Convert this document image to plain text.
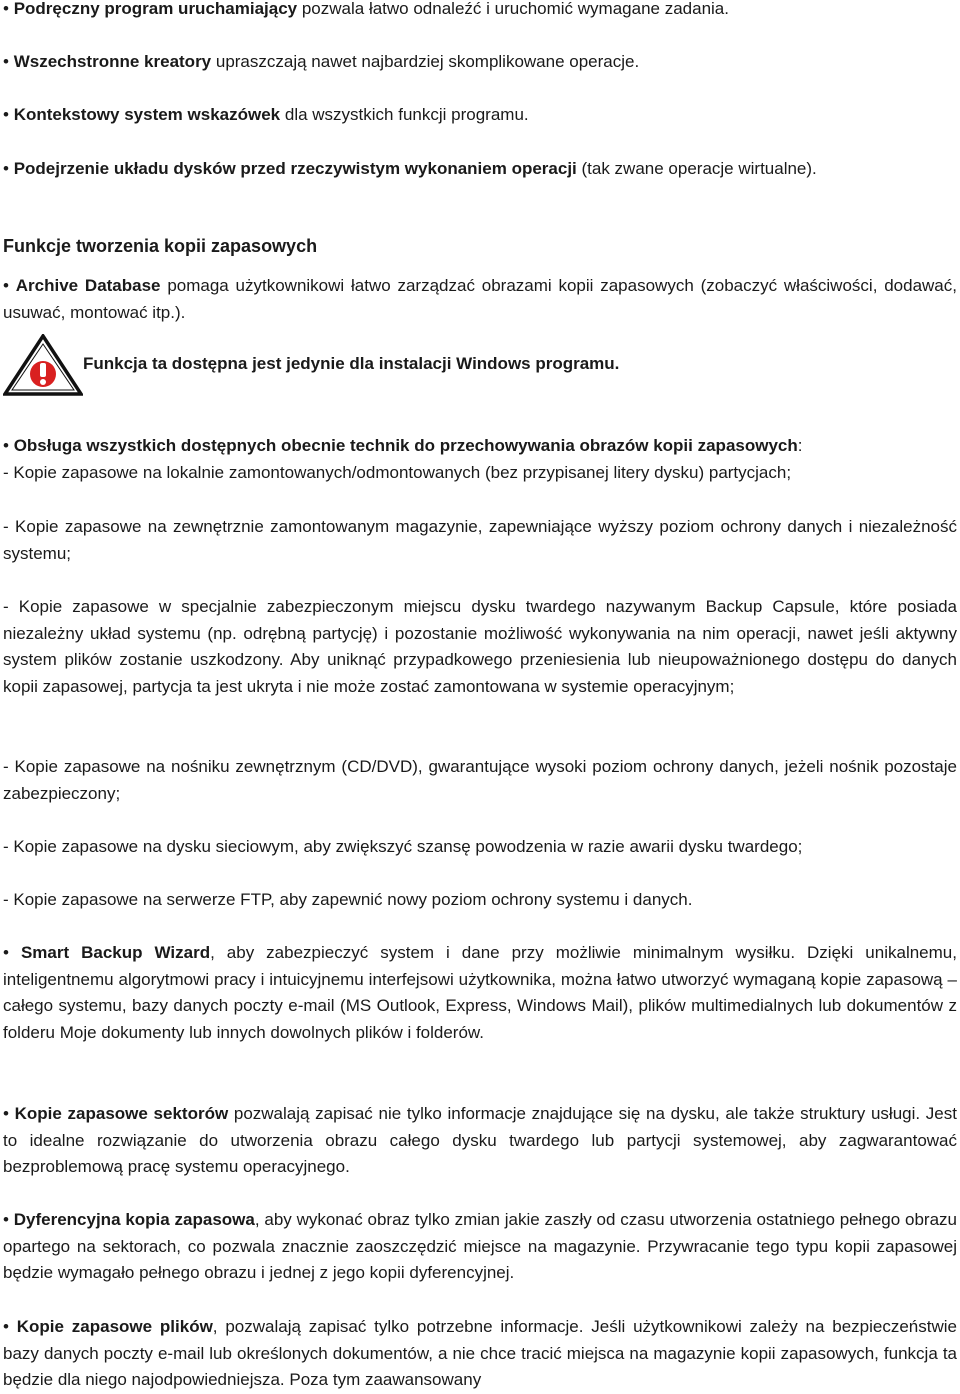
• Podręczny program uruchamiający pozwala łatwo odnaleźć i uruchomić wymagane zadania.

• Wszechstronne kreatory upraszczają nawet najbardziej skomplikowane operacje.

• Kontekstowy system wskazówek dla wszystkich funkcji programu.

• Podejrzenie układu dysków przed rzeczywistym wykonaniem operacji (tak zwane operacje wirtualne).

Funkcje tworzenia kopii zapasowych

• Archive Database pomaga użytkownikowi łatwo zarządzać obrazami kopii zapasowych (zobaczyć właściwości, dodawać, usuwać, montować itp.).

Funkcja ta dostępna jest jedynie dla instalacji Windows programu.

• Obsługa wszystkich dostępnych obecnie technik do przechowywania obrazów kopii zapasowych:

- Kopie zapasowe na lokalnie zamontowanych/odmontowanych (bez przypisanej litery dysku) partycjach;

- Kopie zapasowe na zewnętrznie zamontowanym magazynie, zapewniające wyższy poziom ochrony danych i niezależność systemu;

- Kopie zapasowe w specjalnie zabezpieczonym miejscu dysku twardego nazywanym Backup Capsule, które posiada niezależny układ systemu (np. odrębną partycję) i pozostanie możliwość wykonywania na nim operacji, nawet jeśli aktywny system plików zostanie uszkodzony. Aby uniknąć przypadkowego przeniesienia lub nieupoważnionego dostępu do danych kopii zapasowej, partycja ta jest ukryta i nie może zostać zamontowana w systemie operacyjnym;

- Kopie zapasowe na nośniku zewnętrznym (CD/DVD), gwarantujące wysoki poziom ochrony danych, jeżeli nośnik pozostaje zabezpieczony;

- Kopie zapasowe na dysku sieciowym, aby zwiększyć szansę powodzenia w razie awarii dysku twardego;

- Kopie zapasowe na serwerze FTP, aby zapewnić nowy poziom ochrony systemu i danych.

• Smart Backup Wizard, aby zabezpieczyć system i dane przy możliwie minimalnym wysiłku. Dzięki unikalnemu, inteligentnemu algorytmowi pracy i intuicyjnemu interfejsowi użytkownika, można łatwo utworzyć wymaganą kopie zapasową – całego systemu, bazy danych poczty e-mail (MS Outlook, Express, Windows Mail), plików multimedialnych lub dokumentów z folderu Moje dokumenty lub innych dowolnych plików i folderów.

• Kopie zapasowe sektorów pozwalają zapisać nie tylko informacje znajdujące się na dysku, ale także struktury usługi. Jest to idealne rozwiązanie do utworzenia obrazu całego dysku twardego lub partycji systemowej, aby zagwarantować bezproblemową pracę systemu operacyjnego.

• Dyferencyjna kopia zapasowa, aby wykonać obraz tylko zmian jakie zaszły od czasu utworzenia ostatniego pełnego obrazu opartego na sektorach, co pozwala znacznie zaoszczędzić miejsce na magazynie. Przywracanie tego typu kopii zapasowej będzie wymagało pełnego obrazu i jednej z jego kopii dyferencyjnej.

• Kopie zapasowe plików, pozwalają zapisać tylko potrzebne informacje. Jeśli użytkownikowi zależy na bezpieczeństwie bazy danych poczty e-mail lub określonych dokumentów, a nie chce tracić miejsca na magazynie kopii zapasowych, funkcja ta będzie dla niego najodpowiedniejsza. Poza tym zaawansowany
